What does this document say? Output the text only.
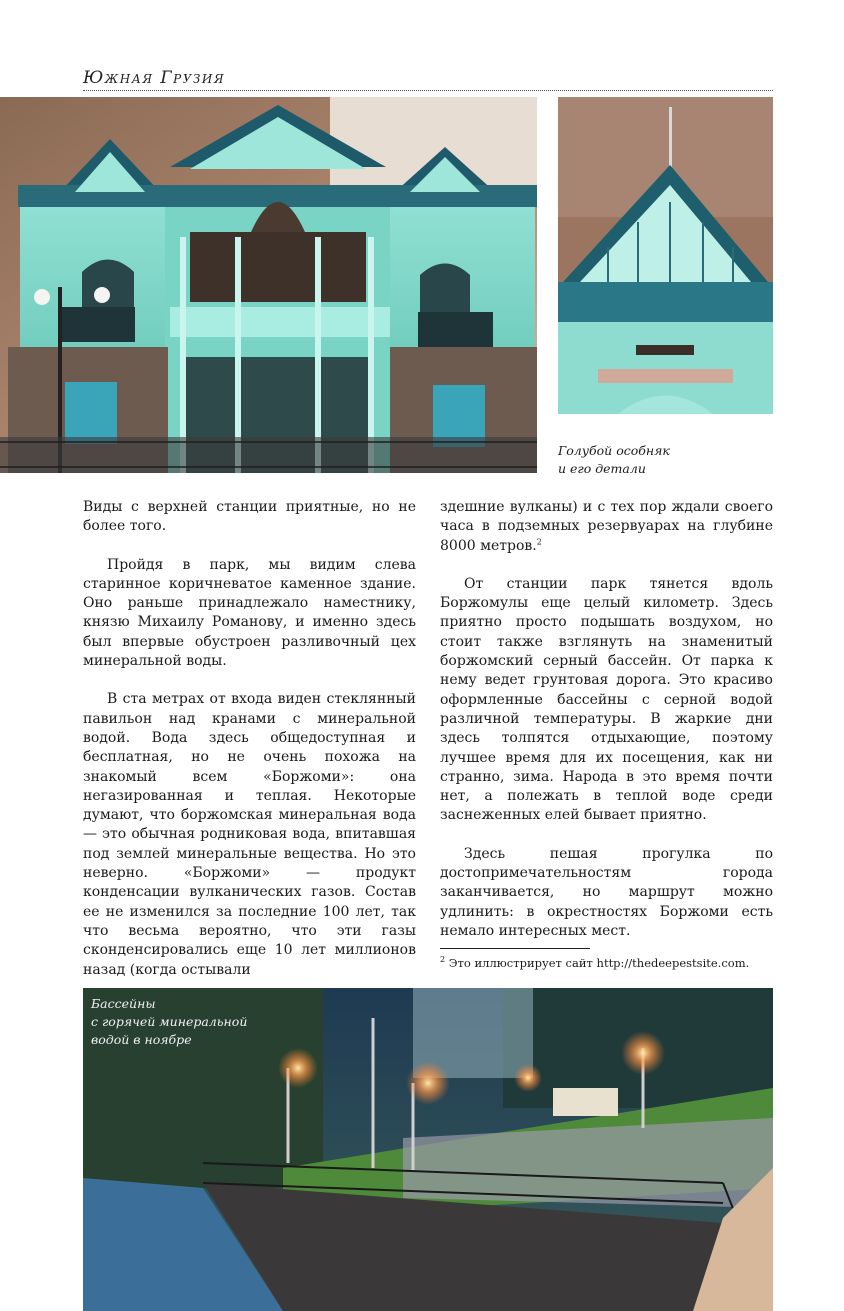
Южная Грузия
Голубой особняк
и его детали

Виды с верхней станции приятные, но не более того.

Пройдя в парк, мы видим слева старинное коричневатое каменное здание. Оно раньше принадлежало наместнику, князю Михаилу Романову, и именно здесь был впервые обустроен разливочный цех минеральной воды.

В ста метрах от входа виден стеклянный павильон над кранами с минеральной водой. Вода здесь общедоступная и бесплатная, но не очень похожа на знакомый всем «Боржоми»: она негазированная и теплая. Некоторые думают, что боржомская минеральная вода — это обычная родниковая вода, впитавшая под землей минеральные вещества. Но это неверно. «Боржоми» — продукт конденсации вулканических газов. Состав ее не изменился за последние 100 лет, так что весьма вероятно, что эти газы сконденсировались еще 10 лет миллионов назад (когда остывали

здешние вулканы) и с тех пор ждали своего часа в подземных резервуарах на глубине 8000 метров.$^2$

От станции парк тянется вдоль Боржомулы еще целый километр. Здесь приятно просто подышать воздухом, но стоит также взглянуть на знаменитый боржомский серный бассейн. От парка к нему ведет грунтовая дорога. Это красиво оформленные бассейны с серной водой различной температуры. В жаркие дни здесь толпятся отдыхающие, поэтому лучшее время для их посещения, как ни странно, зима. Народа в это время почти нет, а полежать в теплой воде среди заснеженных елей бывает приятно.

Здесь пешая прогулка по достопримечательностям города заканчивается, но маршрут можно удлинить: в окрестностях Боржоми есть немало интересных мест.

$^2$ Это иллюстрирует сайт http://thedeepestsite.com.
Бассейны
с горячей минеральной
водой в ноябре
